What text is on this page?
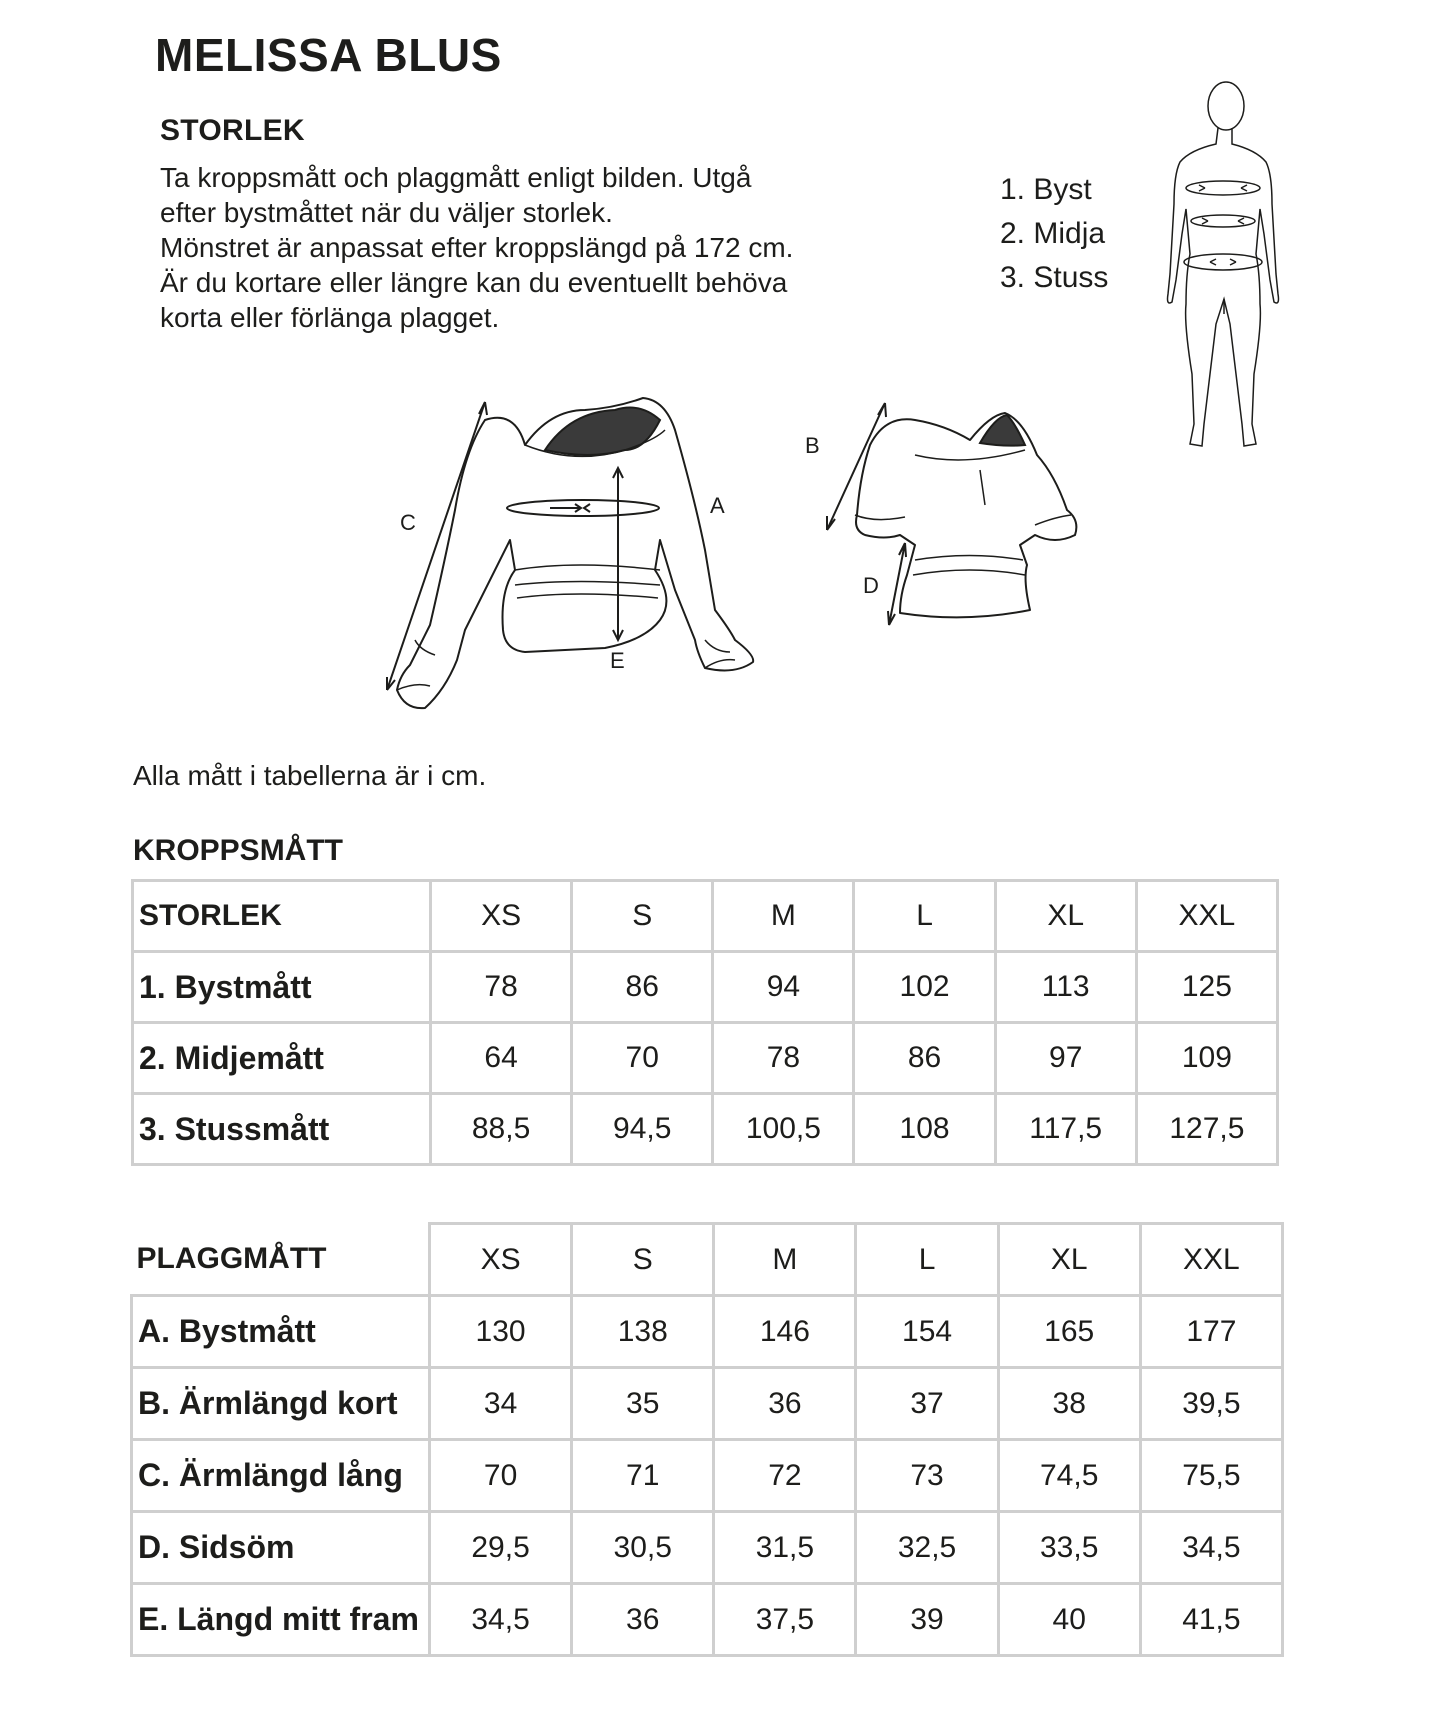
MELISSA BLUS
STORLEK

Ta kroppsmått och plaggmått enligt bilden. Utgå

efter bystmåttet när du väljer storlek.

Mönstret är anpassat efter kroppslängd på 172 cm.

Är du kortare eller längre kan du eventuellt behöva

korta eller förlänga plagget.

1. Byst
2. Midja
3. Stuss
C
A
E
B
D

Alla mått i tabellerna är i cm.

KROPPSMÅTT
STORLEK	XS	S	M	L	XL	XXL
1. Bystmått	78	86	94	102	113	125
2. Midjemått	64	70	78	86	97	109
3. Stussmått	88,5	94,5	100,5	108	117,5	127,5
PLAGGMÅTT	XS	S	M	L	XL	XXL
A. Bystmått	130	138	146	154	165	177
B. Ärmlängd kort	34	35	36	37	38	39,5
C. Ärmlängd lång	70	71	72	73	74,5	75,5
D. Sidsöm	29,5	30,5	31,5	32,5	33,5	34,5
E. Längd mitt fram	34,5	36	37,5	39	40	41,5
